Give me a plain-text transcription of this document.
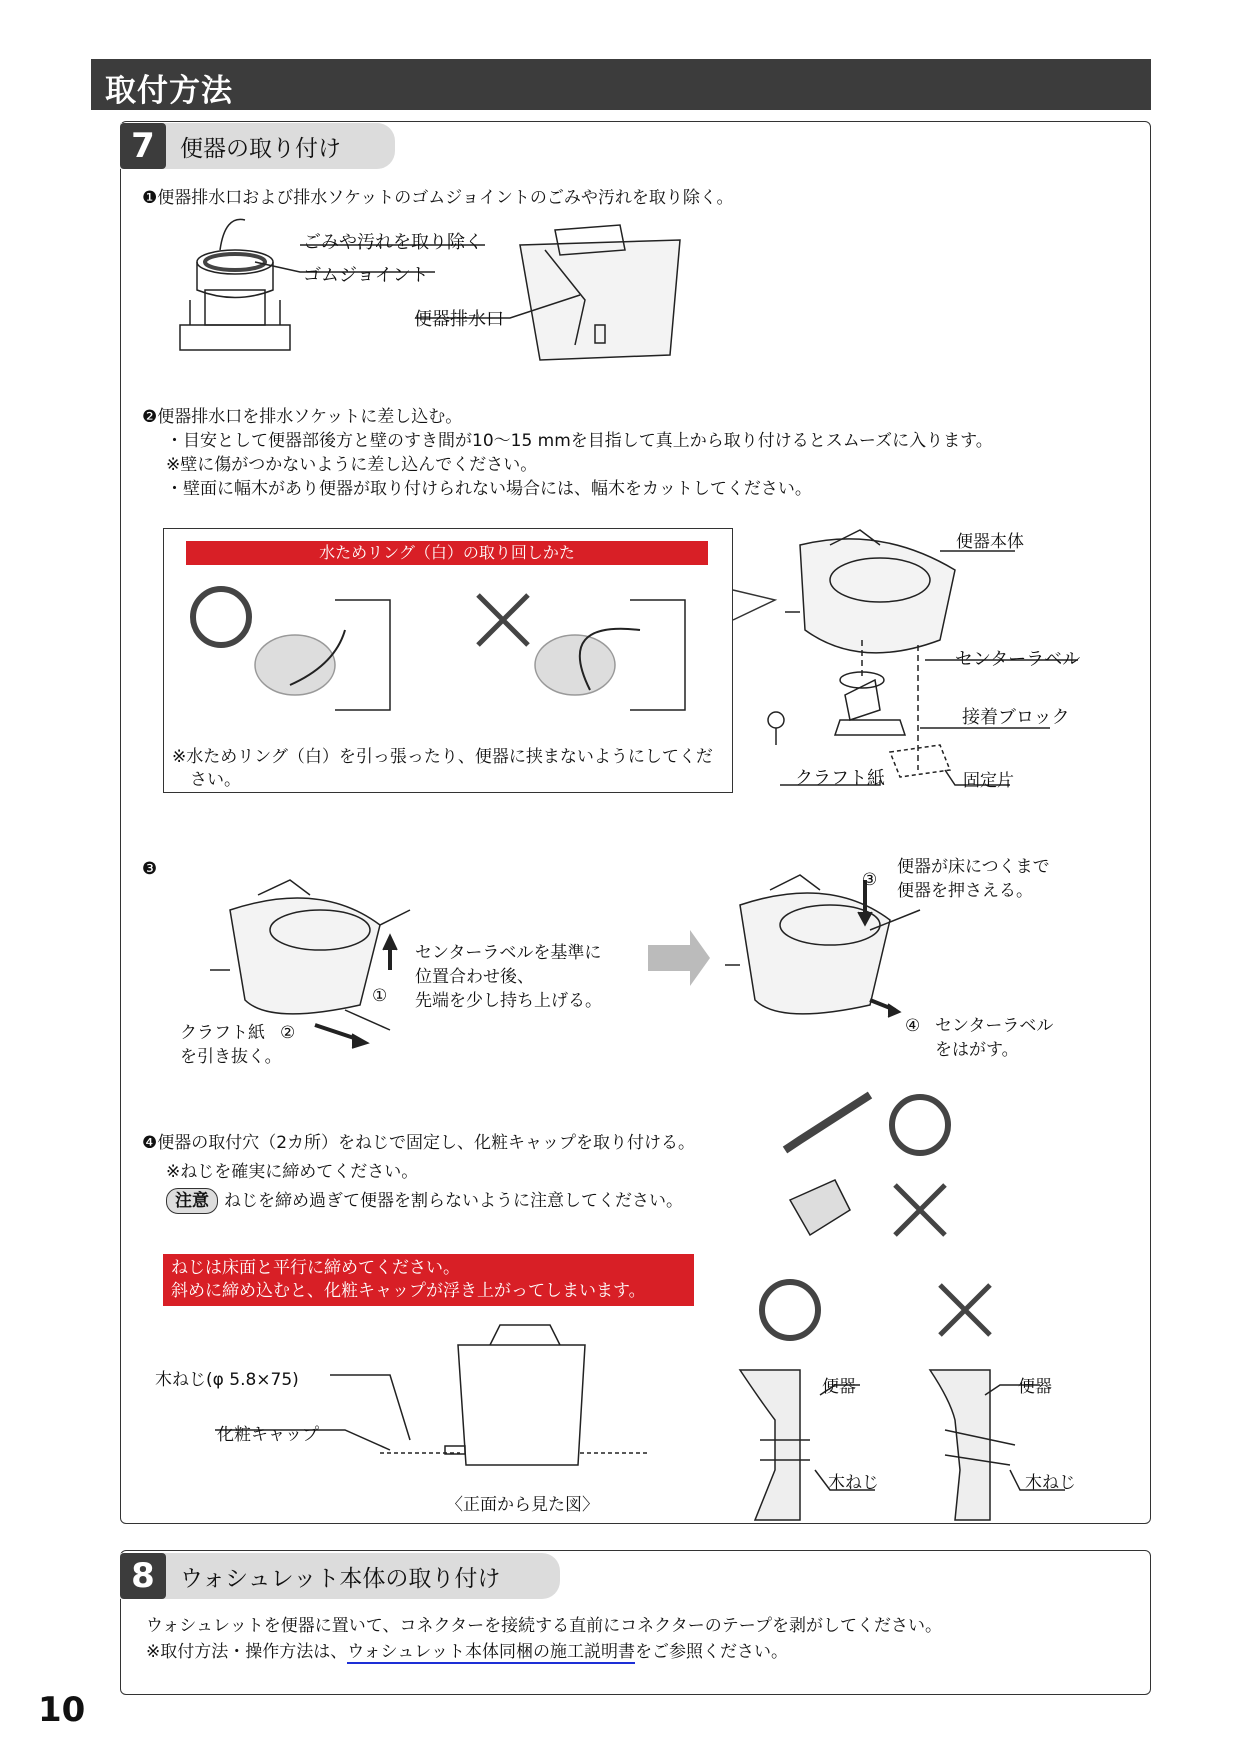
取付方法
7	便器の取り付け
8	ウォシュレット本体の取り付け
❶便器排水口および排水ソケットのゴムジョイントのごみや汚れを取り除く。
ごみや汚れを取り除く
ゴムジョイント
便器排水口
❷便器排水口を排水ソケットに差し込む。
・目安として便器部後方と壁のすき間が10～15 mmを目指して真上から取り付けるとスムーズに入ります。
※壁に傷がつかないように差し込んでください。
・壁面に幅木があり便器が取り付けられない場合には、幅木をカットしてください。
水ためリング（白）の取り回しかた
※水ためリング（白）を引っ張ったり、便器に挟まないようにしてくだ
さい。
便器本体
センターラベル
接着ブロック
クラフト紙	固定片
❸
センターラベルを基準に
位置合わせ後、
先端を少し持ち上げる。
①
クラフト紙
を引き抜く。
②
便器が床につくまで
便器を押さえる。
③
センターラベル
をはがす。
④
❹便器の取付穴（2カ所）をねじで固定し、化粧キャップを取り付ける。
※ねじを確実に締めてください。
注意 ねじを締め過ぎて便器を割らないように注意してください。
ねじは床面と平行に締めてください。
斜めに締め込むと、化粧キャップが浮き上がってしまいます。
木ねじ(φ 5.8×75)
化粧キャップ
〈正面から見た図〉
便器	便器
木ねじ	木ねじ
ウォシュレットを便器に置いて、コネクターを接続する直前にコネクターのテープを剥がしてください。
※取付方法・操作方法は、ウォシュレット本体同梱の施工説明書をご参照ください。
10
